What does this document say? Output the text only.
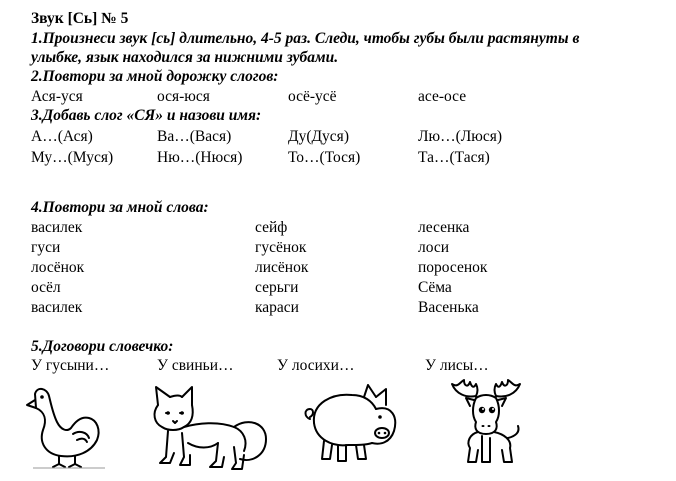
Звук [Сь] № 5
1.Произнеси звук [сь] длительно, 4-5 раз. Следи, чтобы губы были растянуты в
улыбке, язык находился за нижними зубами.
2.Повтори за мной дорожку слогов:
Ася-уся	ося-юся	осё-усё	асе-осе
3.Добавь слог «СЯ» и назови имя:
А…(Ася)	Ва…(Вася)	Ду(Дуся)	Лю…(Люся)
Му…(Муся)	Ню…(Нюся)	То…(Тося)	Та…(Тася)
4.Повтори за мной слова:
василек	сейф	лесенка
гуси	гусёнок	лоси
лосёнок	лисёнок	поросенок
осёл	серьги	Сёма
василек	караси	Васенька
5.Договори словечко:
У гусыни…	У свиньи…	У лосихи…	У лисы…
